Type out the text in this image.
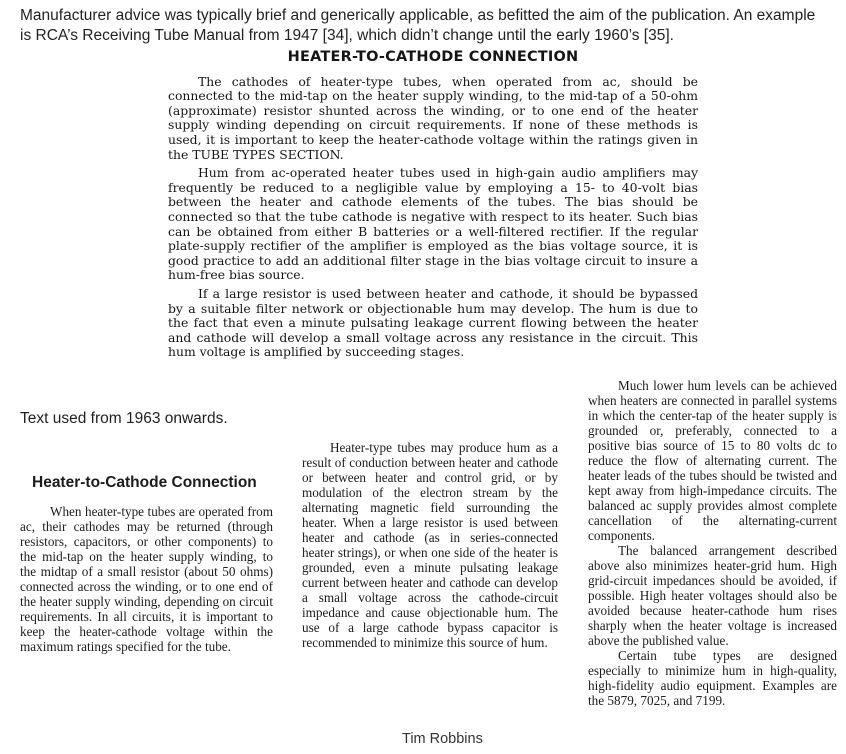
Manufacturer advice was typically brief and generically applicable, as befitted the aim of the publication. An example is RCA’s Receiving Tube Manual from 1947 [34], which didn’t change until the early 1960’s [35].
HEATER-TO-CATHODE CONNECTION

The cathodes of heater-type tubes, when operated from ac, should be connected to the mid-tap on the heater supply winding, to the mid-tap of a 50-ohm (approximate) resistor shunted across the winding, or to one end of the heater supply winding depending on circuit requirements. If none of these methods is used, it is important to keep the heater-cathode voltage within the ratings given in the TUBE TYPES SECTION.

Hum from ac-operated heater tubes used in high-gain audio amplifiers may frequently be reduced to a negligible value by employing a 15- to 40-volt bias between the heater and cathode elements of the tubes. The bias should be connected so that the tube cathode is negative with respect to its heater. Such bias can be obtained from either B batteries or a well-filtered rectifier. If the regular plate-supply rectifier of the amplifier is employed as the bias voltage source, it is good practice to add an additional filter stage in the bias voltage circuit to insure a hum-free bias source.

If a large resistor is used between heater and cathode, it should be bypassed by a suitable filter network or objectionable hum may develop. The hum is due to the fact that even a minute pulsating leakage current flowing between the heater and cathode will develop a small voltage across any resistance in the circuit. This hum voltage is amplified by succeeding stages.

Text used from 1963 onwards.
Heater-to-Cathode Connection

When heater-type tubes are operated from ac, their cathodes may be returned (through resistors, capacitors, or other components) to the mid-tap on the heater supply winding, to the midtap of a small resistor (about 50 ohms) connected across the winding, or to one end of the heater supply winding, depending on circuit requirements. In all circuits, it is important to keep the heater-cathode voltage within the maximum ratings specified for the tube.

Heater-type tubes may produce hum as a result of conduction between heater and cathode or between heater and control grid, or by modulation of the electron stream by the alternating magnetic field surrounding the heater. When a large resistor is used between heater and cathode (as in series-connected heater strings), or when one side of the heater is grounded, even a minute pulsating leakage current between heater and cathode can develop a small voltage across the cathode-circuit impedance and cause objectionable hum. The use of a large cathode bypass capacitor is recommended to minimize this source of hum.

Much lower hum levels can be achieved when heaters are connected in parallel systems in which the center-tap of the heater supply is grounded or, preferably, connected to a positive bias source of 15 to 80 volts dc to reduce the flow of alternating current. The heater leads of the tubes should be twisted and kept away from high-impedance circuits. The balanced ac supply provides almost complete cancellation of the alternating-current components.

The balanced arrangement described above also minimizes heater-grid hum. High grid-circuit impedances should be avoided, if possible. High heater voltages should also be avoided because heater-cathode hum rises sharply when the heater voltage is increased above the published value.

Certain tube types are designed especially to minimize hum in high-quality, high-fidelity audio equipment. Examples are the 5879, 7025, and 7199.

Tim Robbins
